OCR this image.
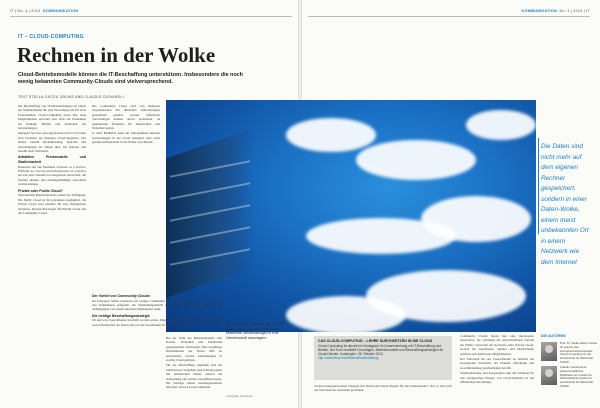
IT | No. 4 | 2013 KOMMUNIKATION	KOMMUNIKATION No. 4 | 2013 | IT
IT – CLOUD-COMPUTING
Rechnen in der Wolke
Cloud-Betriebsmodelle können die IT-Beschaffung unterstützen. Insbesondere die noch wenig bekannten Community-Clouds sind vielversprechend.
TEXT STELLA GATZIU GRIVAS AND CLAUDIO GIOVANOLI
Die Beschaffung von IT-Dienstleistungen ist längst ein Standardthema für jede Verwaltung und für viele Unternehmen. Cloud-Computing bietet hier neue Möglichkeiten, erfordert aber auch ein Umdenken bei Einkauf, Betrieb und Sicherheit der Anwendungen.
Managed Services und Application Service Provider sind Vorläufer der heutigen Cloud-Angebote. Der Nutzer bezieht Rechenleistung, Speicher und Anwendungen als Dienst über das Internet und bezahlt nach Verbrauch.
Attraktive Preismodelle und Skalierbarkeit
Basierend auf den Modellen Software as a Service, Platform as a Service und Infrastructure as a Service hat sich eine Vielzahl von Angeboten entwickelt, die flexibel skaliert und nutzungsabhängig verrechnet werden können.
Private oder Public Cloud?
Verschiedene Betriebsmodelle stehen zur Verfügung: Die Public Cloud ist für jedermann zugänglich, die Private Cloud wird exklusiv für eine Organisation betrieben. Dazwischen liegen die Hybrid Cloud und die Community Cloud.
Die Community Cloud wird von mehreren Organisationen mit ähnlichen Anforderungen gemeinsam genutzt. Gerade öffentliche Verwaltungen können davon profitieren, da gemeinsame Standards für Datenschutz und Sicherheit gelten.
Je nach Bedürfnis kann ein Unternehmen einzelne Anwendungen in die Cloud auslagern oder seine gesamte Infrastruktur in die Wolke verschieben.
Der Vorteil von Community Clouds
Im Schweizer Markt existieren erst wenige Community-Cloud-Angebote. Die Kosten werden unter den Teilnehmern aufgeteilt, die Verhandlungsmacht gegenüber den Anbietern steigt und die Abhängigkeit von einem einzelnen Dienstleister sinkt.
Die richtige Beschaffungsstrategie
Ob und wie Cloud-Dienste beschafft werden sollen, hängt von den rechtlichen Rahmenbedingungen, vom Schutzbedarf der Daten und von der bestehenden IT-Landschaft ab.
Bei der Wahl des Betriebsmodells sind Kosten, Sicherheit und Flexibilität gegeneinander abzuwägen. Eine sorgfältige Klassifikation der Daten hilft zu entscheiden, welche Anwendungen in welche Cloud gehören.
Für die Beschaffung empfiehlt sich ein schrittweises Vorgehen: zuerst Pilotprojekte mit unkritischen Daten, danach die Ausweitung auf weitere Geschäftsprozesse. Die Verträge sollten Ausstiegsszenarien und klare Service Levels enthalten.
Cloud-Systeme verbinden die IT vieler Unternehmen. Es kann sinnvoll sein, bestimmte Dienstleistungen in eine Gemeinschaft auszulagern.
Fotografie: Fotolia.de
CAS CLOUD-COMPUTING – LEHRE DURCHSETZEN IN DIE CLOUD
Cloud-Computing ist derzeit ein Schlagwort im Zusammenhang mit IT-Beschaffung und Betrieb. Der Kurs vermittelt Grundlagen, Betriebsmodelle und Beschaffungsstrategien für Cloud-Dienste. Kursbeginn: 26. Oktober 2013.
http://www.fhnw.ch/wirtschaft/weiterbildung
verantwortungsbewussten Umgang mit Daten und klaren Regeln für den Datenstandort. Nur so lässt sich das Vertrauen der Anwender gewinnen.
Community Clouds bieten hier eine interessante Alternative: Sie verbinden die wirtschaftlichen Vorteile der Public Cloud mit der Kontrolle einer Private Cloud. Gerade für Gemeinden, Spitäler und Hochschulen eröffnen sich damit neue Möglichkeiten.
Der Entscheid für ein Cloud-Modell ist letztlich ein strategischer Entscheid, der Einkauf, Informatik und Geschäftsleitung gleichermaßen betrifft.
Standardisierung und Kooperation sind die Schlüssel für den erfolgreichen Einsatz von Cloud-Diensten in der öffentlichen Verwaltung.
Die Daten sind nicht mehr auf dem eigenen Rechner gespeichert, sondern in einer Daten-Wolke, einem meist unbekannten Ort in einem Netzwerk wie dem Internet
DIE AUTOREN
Prof. Dr. Stella Gatziu Grivas ist Leiterin des Kompetenzschwerpunkts Cloud Computing an der Hochschule für Wirtschaft FHNW.
Claudio Giovanoli ist wissenschaftlicher Mitarbeiter am Institut für Wirtschaftsinformatik der Hochschule für Wirtschaft FHNW.
